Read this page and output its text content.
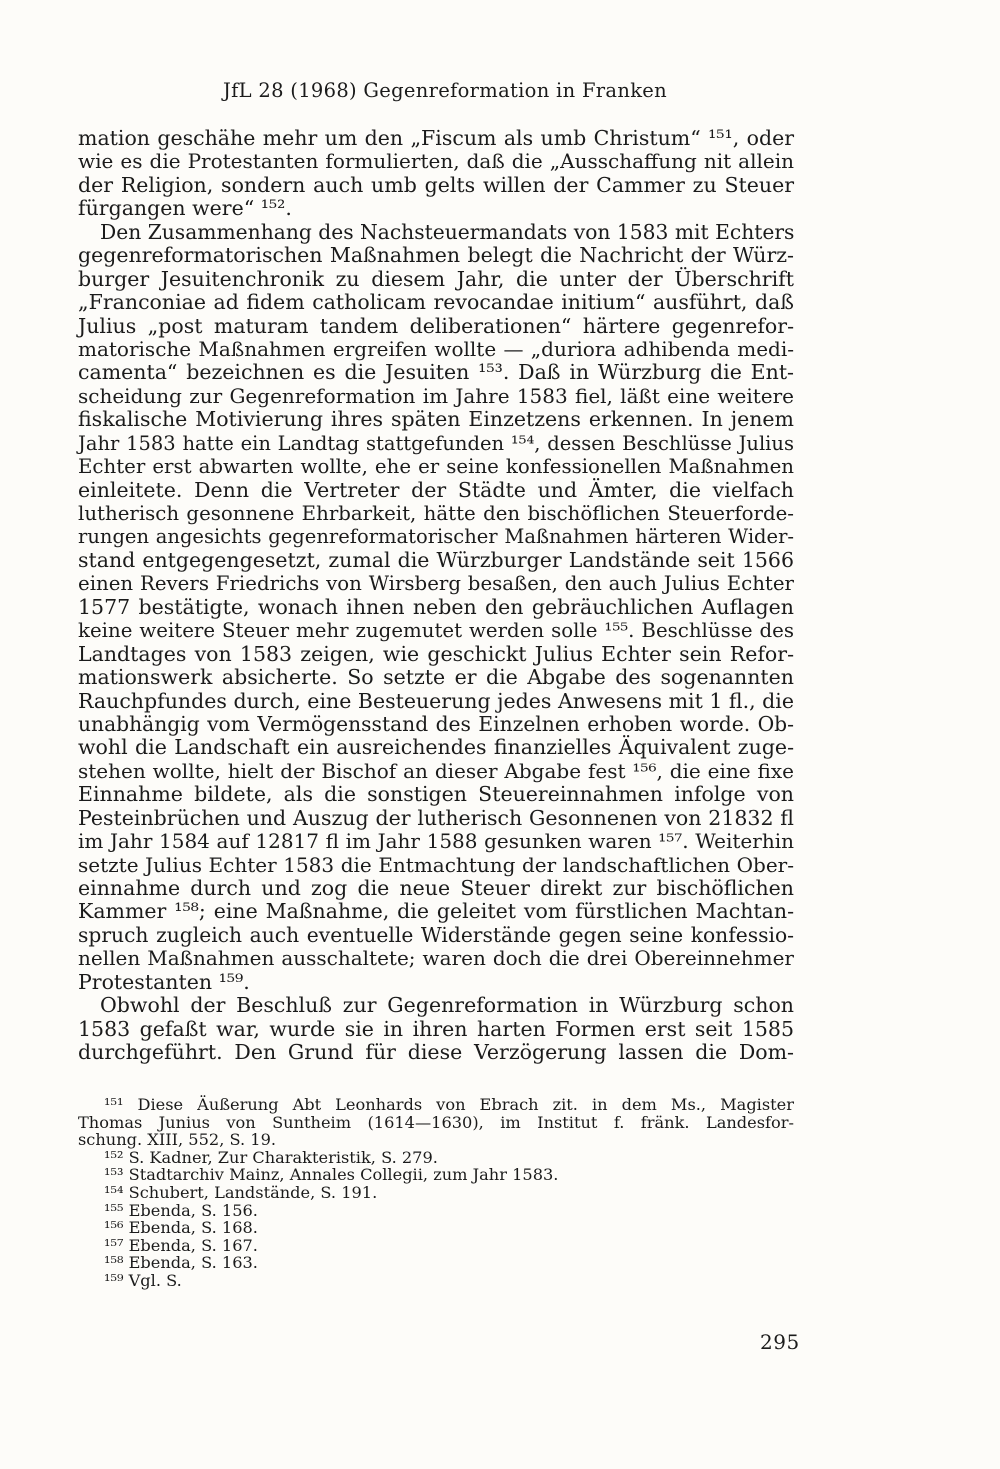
JfL 28 (1968) Gegenreformation in Franken
mation geschähe mehr um den „Fiscum als umb Christum“ ¹⁵¹, oder
wie es die Protestanten formulierten, daß die „Ausschaffung nit allein
der Religion, sondern auch umb gelts willen der Cammer zu Steuer
fürgangen were“ ¹⁵².
Den Zusammenhang des Nachsteuermandats von 1583 mit Echters
gegenreformatorischen Maßnahmen belegt die Nachricht der Würz-
burger Jesuitenchronik zu diesem Jahr, die unter der Überschrift
„Franconiae ad fidem catholicam revocandae initium“ ausführt, daß
Julius „post maturam tandem deliberationen“ härtere gegenrefor-
matorische Maßnahmen ergreifen wollte — „duriora adhibenda medi-
camenta“ bezeichnen es die Jesuiten ¹⁵³. Daß in Würzburg die Ent-
scheidung zur Gegenreformation im Jahre 1583 fiel, läßt eine weitere
fiskalische Motivierung ihres späten Einzetzens erkennen. In jenem
Jahr 1583 hatte ein Landtag stattgefunden ¹⁵⁴, dessen Beschlüsse Julius
Echter erst abwarten wollte, ehe er seine konfessionellen Maßnahmen
einleitete. Denn die Vertreter der Städte und Ämter, die vielfach
lutherisch gesonnene Ehrbarkeit, hätte den bischöflichen Steuerforde-
rungen angesichts gegenreformatorischer Maßnahmen härteren Wider-
stand entgegengesetzt, zumal die Würzburger Landstände seit 1566
einen Revers Friedrichs von Wirsberg besaßen, den auch Julius Echter
1577 bestätigte, wonach ihnen neben den gebräuchlichen Auflagen
keine weitere Steuer mehr zugemutet werden solle ¹⁵⁵. Beschlüsse des
Landtages von 1583 zeigen, wie geschickt Julius Echter sein Refor-
mationswerk absicherte. So setzte er die Abgabe des sogenannten
Rauchpfundes durch, eine Besteuerung jedes Anwesens mit 1 fl., die
unabhängig vom Vermögensstand des Einzelnen erhoben worde. Ob-
wohl die Landschaft ein ausreichendes finanzielles Äquivalent zuge-
stehen wollte, hielt der Bischof an dieser Abgabe fest ¹⁵⁶, die eine fixe
Einnahme bildete, als die sonstigen Steuereinnahmen infolge von
Pesteinbrüchen und Auszug der lutherisch Gesonnenen von 21832 fl
im Jahr 1584 auf 12817 fl im Jahr 1588 gesunken waren ¹⁵⁷. Weiterhin
setzte Julius Echter 1583 die Entmachtung der landschaftlichen Ober-
einnahme durch und zog die neue Steuer direkt zur bischöflichen
Kammer ¹⁵⁸; eine Maßnahme, die geleitet vom fürstlichen Machtan-
spruch zugleich auch eventuelle Widerstände gegen seine konfessio-
nellen Maßnahmen ausschaltete; waren doch die drei Obereinnehmer
Protestanten ¹⁵⁹.
Obwohl der Beschluß zur Gegenreformation in Würzburg schon
1583 gefaßt war, wurde sie in ihren harten Formen erst seit 1585
durchgeführt. Den Grund für diese Verzögerung lassen die Dom-
¹⁵¹ Diese Äußerung Abt Leonhards von Ebrach zit. in dem Ms., Magister
Thomas Junius von Suntheim (1614—1630), im Institut f. fränk. Landesfor-
schung. XIII, 552, S. 19.
¹⁵² S. Kadner, Zur Charakteristik, S. 279.
¹⁵³ Stadtarchiv Mainz, Annales Collegii, zum Jahr 1583.
¹⁵⁴ Schubert, Landstände, S. 191.
¹⁵⁵ Ebenda, S. 156.
¹⁵⁶ Ebenda, S. 168.
¹⁵⁷ Ebenda, S. 167.
¹⁵⁸ Ebenda, S. 163.
¹⁵⁹ Vgl. S.
295
